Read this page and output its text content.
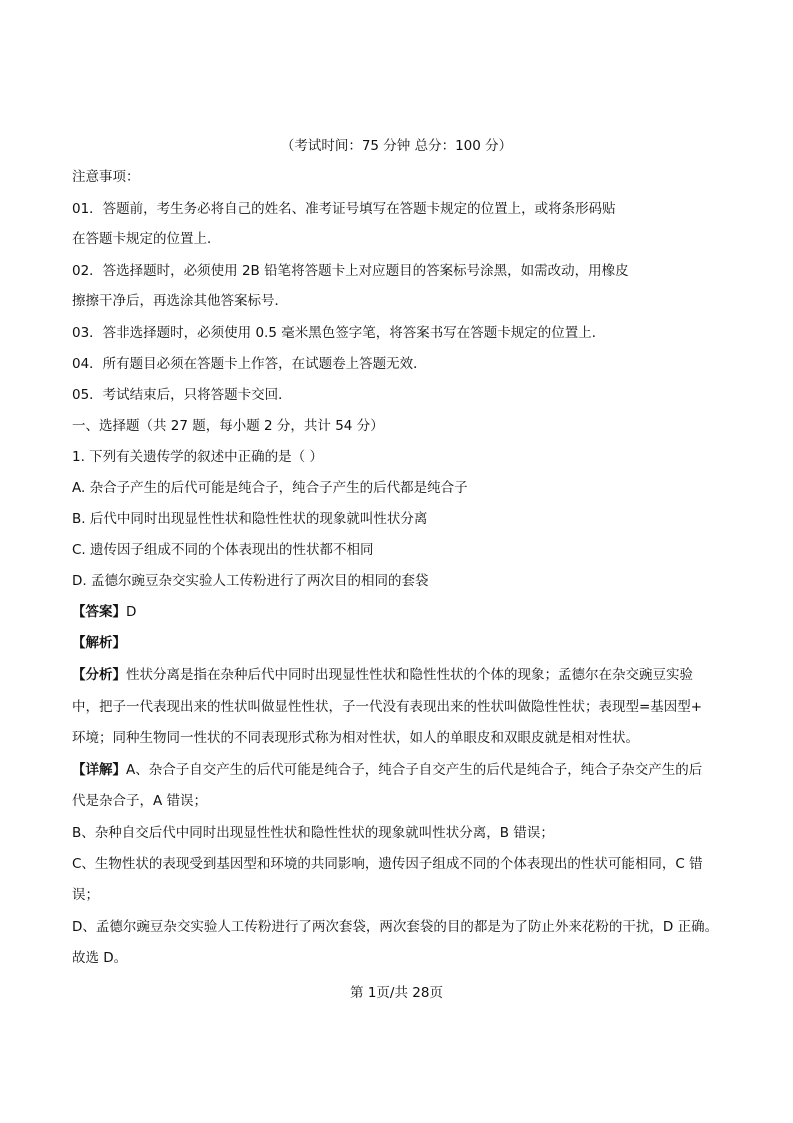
（考试时间：75 分钟 总分：100 分）
注意事项：
01．答题前，考生务必将自己的姓名、准考证号填写在答题卡规定的位置上，或将条形码贴
在答题卡规定的位置上．
02．答选择题时，必须使用 2B 铅笔将答题卡上对应题目的答案标号涂黑，如需改动，用橡皮
擦擦干净后，再选涂其他答案标号．
03．答非选择题时，必须使用 0.5 毫米黑色签字笔，将答案书写在答题卡规定的位置上．
04．所有题目必须在答题卡上作答，在试题卷上答题无效．
05．考试结束后，只将答题卡交回．
一、选择题（共 27 题，每小题 2 分，共计 54 分）
1. 下列有关遗传学的叙述中正确的是（ ）
A. 杂合子产生的后代可能是纯合子，纯合子产生的后代都是纯合子
B. 后代中同时出现显性性状和隐性性状的现象就叫性状分离
C. 遗传因子组成不同的个体表现出的性状都不相同
D. 孟德尔豌豆杂交实验人工传粉进行了两次目的相同的套袋
【答案】D
【解析】
【分析】性状分离是指在杂种后代中同时出现显性性状和隐性性状的个体的现象；孟德尔在杂交豌豆实验
中，把子一代表现出来的性状叫做显性性状，子一代没有表现出来的性状叫做隐性性状；表现型=基因型+
环境；同种生物同一性状的不同表现形式称为相对性状，如人的单眼皮和双眼皮就是相对性状。
【详解】A、杂合子自交产生的后代可能是纯合子，纯合子自交产生的后代是纯合子，纯合子杂交产生的后
代是杂合子，A 错误；
B、杂种自交后代中同时出现显性性状和隐性性状的现象就叫性状分离，B 错误；
C、生物性状的表现受到基因型和环境的共同影响，遗传因子组成不同的个体表现出的性状可能相同，C 错
误；
D、孟德尔豌豆杂交实验人工传粉进行了两次套袋，两次套袋的目的都是为了防止外来花粉的干扰，D 正确。
故选 D。
第 1页/共 28页
